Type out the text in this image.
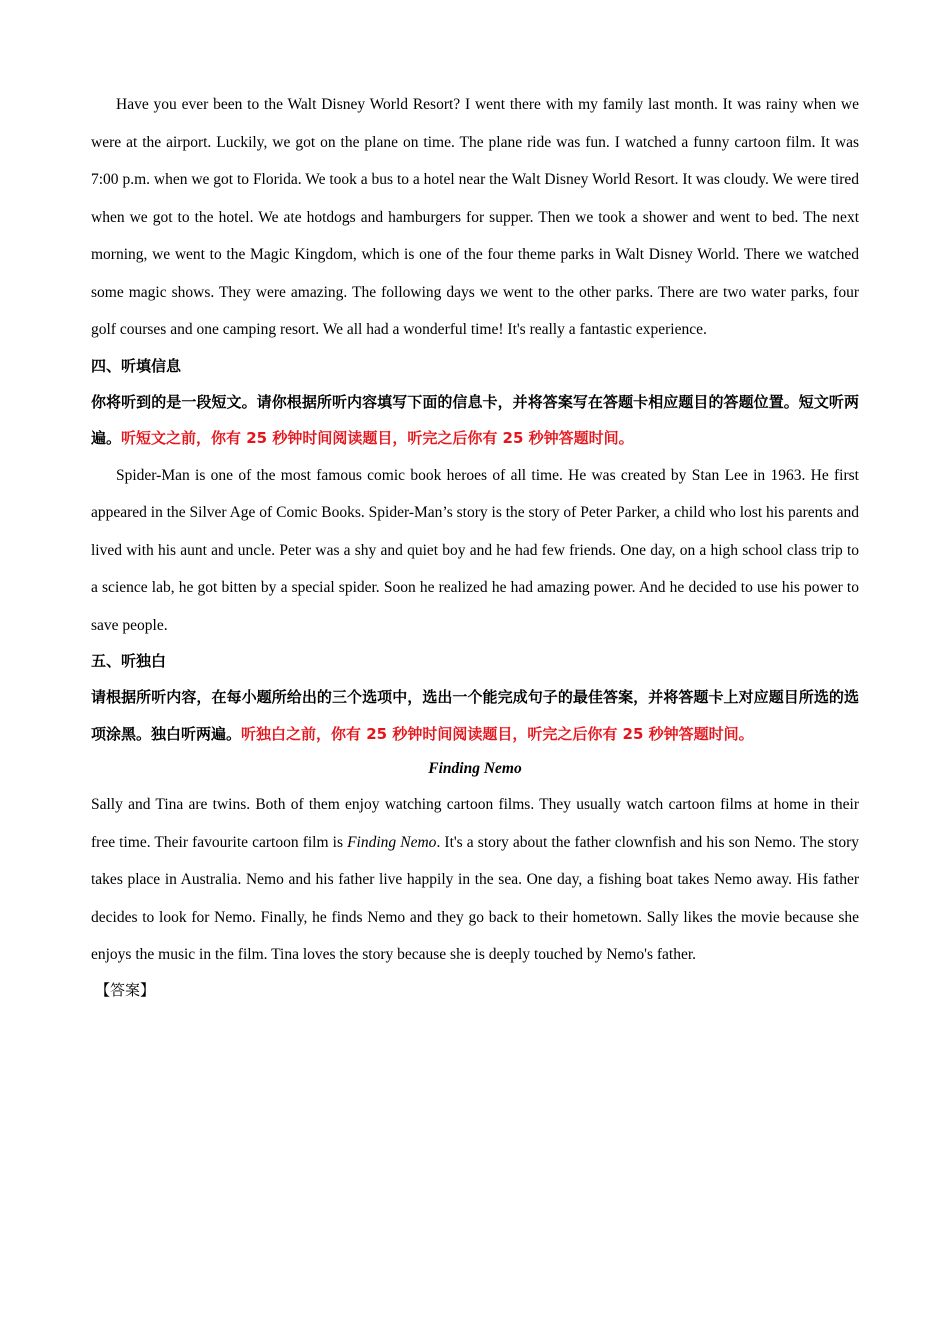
Have you ever been to the Walt Disney World Resort? I went there with my family last month. It was rainy when we were at the airport. Luckily, we got on the plane on time. The plane ride was fun. I watched a funny cartoon film. It was 7:00 p.m. when we got to Florida. We took a bus to a hotel near the Walt Disney World Resort. It was cloudy. We were tired when we got to the hotel. We ate hotdogs and hamburgers for supper. Then we took a shower and went to bed. The next morning, we went to the Magic Kingdom, which is one of the four theme parks in Walt Disney World. There we watched some magic shows. They were amazing. The following days we went to the other parks. There are two water parks, four golf courses and one camping resort. We all had a wonderful time! It's really a fantastic experience.

四、听填信息

你将听到的是一段短文。请你根据所听内容填写下面的信息卡，并将答案写在答题卡相应题目的答题位置。短文听两遍。听短文之前，你有 25 秒钟时间阅读题目，听完之后你有 25 秒钟答题时间。

Spider-Man is one of the most famous comic book heroes of all time. He was created by Stan Lee in 1963. He first appeared in the Silver Age of Comic Books. Spider-Man’s story is the story of Peter Parker, a child who lost his parents and lived with his aunt and uncle. Peter was a shy and quiet boy and he had few friends. One day, on a high school class trip to a science lab, he got bitten by a special spider. Soon he realized he had amazing power. And he decided to use his power to save people.

五、听独白

请根据所听内容，在每小题所给出的三个选项中，选出一个能完成句子的最佳答案，并将答题卡上对应题目所选的选项涂黑。独白听两遍。听独白之前，你有 25 秒钟时间阅读题目，听完之后你有 25 秒钟答题时间。

Finding Nemo

Sally and Tina are twins. Both of them enjoy watching cartoon films. They usually watch cartoon films at home in their free time. Their favourite cartoon film is Finding Nemo. It's a story about the father clownfish and his son Nemo. The story takes place in Australia. Nemo and his father live happily in the sea. One day, a fishing boat takes Nemo away. His father decides to look for Nemo. Finally, he finds Nemo and they go back to their hometown. Sally likes the movie because she enjoys the music in the film. Tina loves the story because she is deeply touched by Nemo's father.

【答案】
